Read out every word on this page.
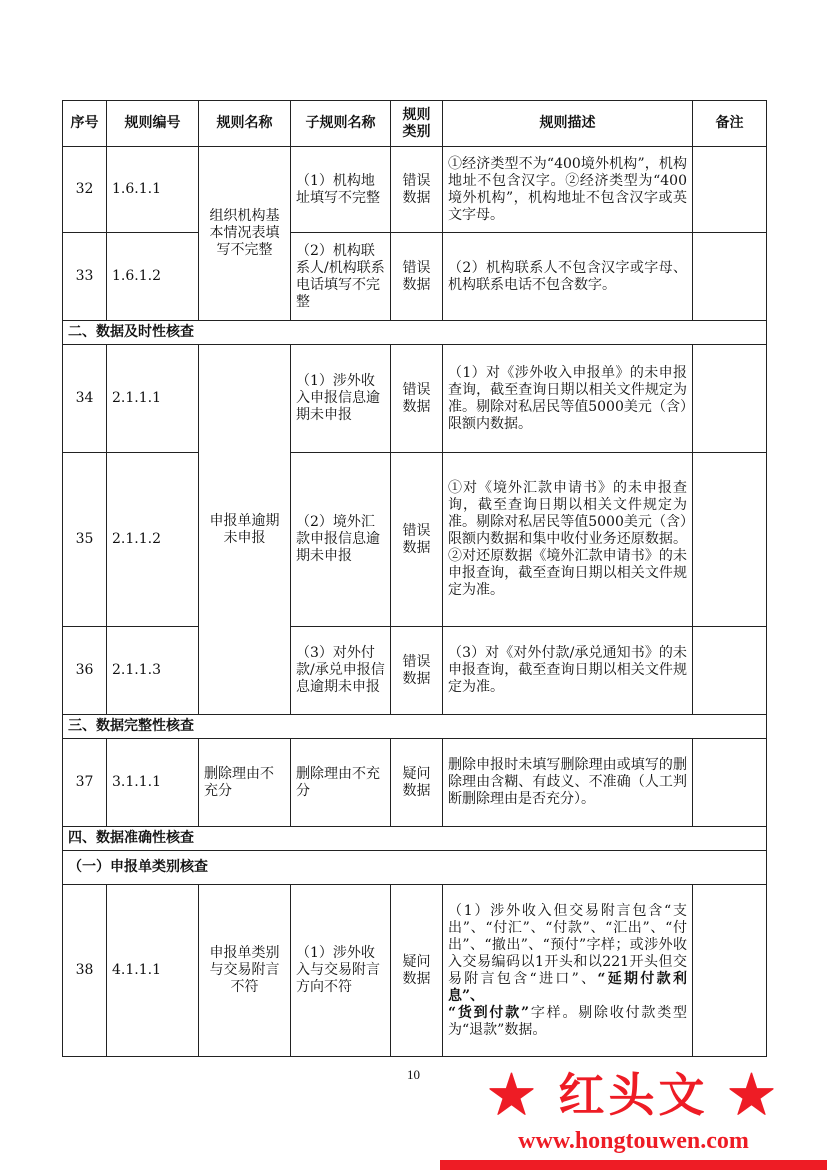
序号	规则编号	规则名称	子规则名称	规则类别	规则描述	备注
32	1.6.1.1	组织机构基本情况表填写不完整	（1）机构地址填写不完整	错误数据	①经济类型不为“400境外机构”，机构地址不包含汉字。②经济类型为“400境外机构”，机构地址不包含汉字或英文字母。	
33	1.6.1.2		（2）机构联系人/机构联系电话填写不完整	错误数据	（2）机构联系人不包含汉字或字母、机构联系电话不包含数字。	
二、数据及时性核查						
34	2.1.1.1	申报单逾期未申报	（1）涉外收入申报信息逾期未申报	错误数据	（1）对《涉外收入申报单》的未申报查询，截至查询日期以相关文件规定为准。剔除对私居民等值5000美元（含）限额内数据。	
35	2.1.1.2		（2）境外汇款申报信息逾期未申报	错误数据	①对《境外汇款申请书》的未申报查询，截至查询日期以相关文件规定为准。剔除对私居民等值5000美元（含）限额内数据和集中收付业务还原数据。②对还原数据《境外汇款申请书》的未申报查询，截至查询日期以相关文件规定为准。	
36	2.1.1.3		（3）对外付款/承兑申报信息逾期未申报	错误数据	（3）对《对外付款/承兑通知书》的未申报查询，截至查询日期以相关文件规定为准。	
三、数据完整性核查						
37	3.1.1.1	删除理由不充分	删除理由不充分	疑问数据	删除申报时未填写删除理由或填写的删除理由含糊、有歧义、不准确（人工判断删除理由是否充分）。	
四、数据准确性核查						
（一）申报单类别核查						
38	4.1.1.1	申报单类别与交易附言不符	（1）涉外收入与交易附言方向不符	疑问数据	（1）涉外收入但交易附言包含“支出”、“付汇”、“付款”、“汇出”、“付出”、“撤出”、“预付”字样；或涉外收入交易编码以1开头和以221开头但交易附言包含“进口”、“延期付款利息”、
“货到付款”字样。剔除收付款类型为“退款”数据。	
10	★ 红头文 ★
www.hongtouwen.com
